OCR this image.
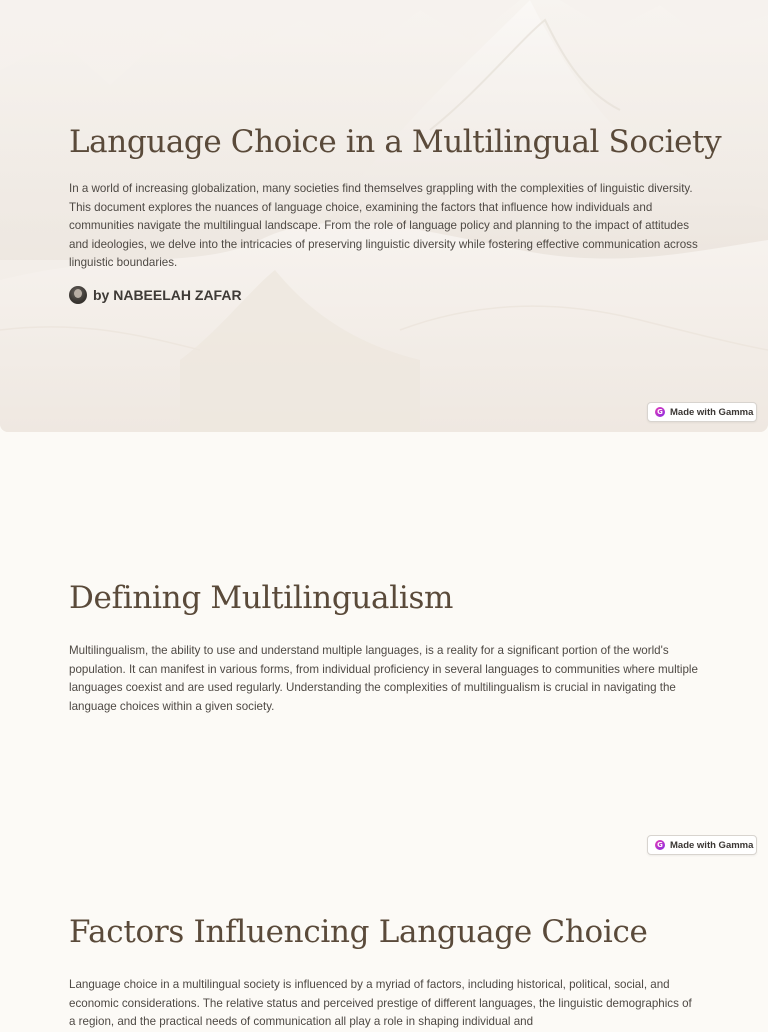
Language Choice in a Multilingual Society

In a world of increasing globalization, many societies find themselves grappling with the complexities of linguistic diversity. This document explores the nuances of language choice, examining the factors that influence how individuals and communities navigate the multilingual landscape. From the role of language policy and planning to the impact of attitudes and ideologies, we delve into the intricacies of preserving linguistic diversity while fostering effective communication across linguistic boundaries.

by NABEELAH ZAFAR
G Made with Gamma
Defining Multilingualism

Multilingualism, the ability to use and understand multiple languages, is a reality for a significant portion of the world's population. It can manifest in various forms, from individual proficiency in several languages to communities where multiple languages coexist and are used regularly. Understanding the complexities of multilingualism is crucial in navigating the language choices within a given society.

G Made with Gamma
Factors Influencing Language Choice

Language choice in a multilingual society is influenced by a myriad of factors, including historical, political, social, and economic considerations. The relative status and perceived prestige of different languages, the linguistic demographics of a region, and the practical needs of communication all play a role in shaping individual and
